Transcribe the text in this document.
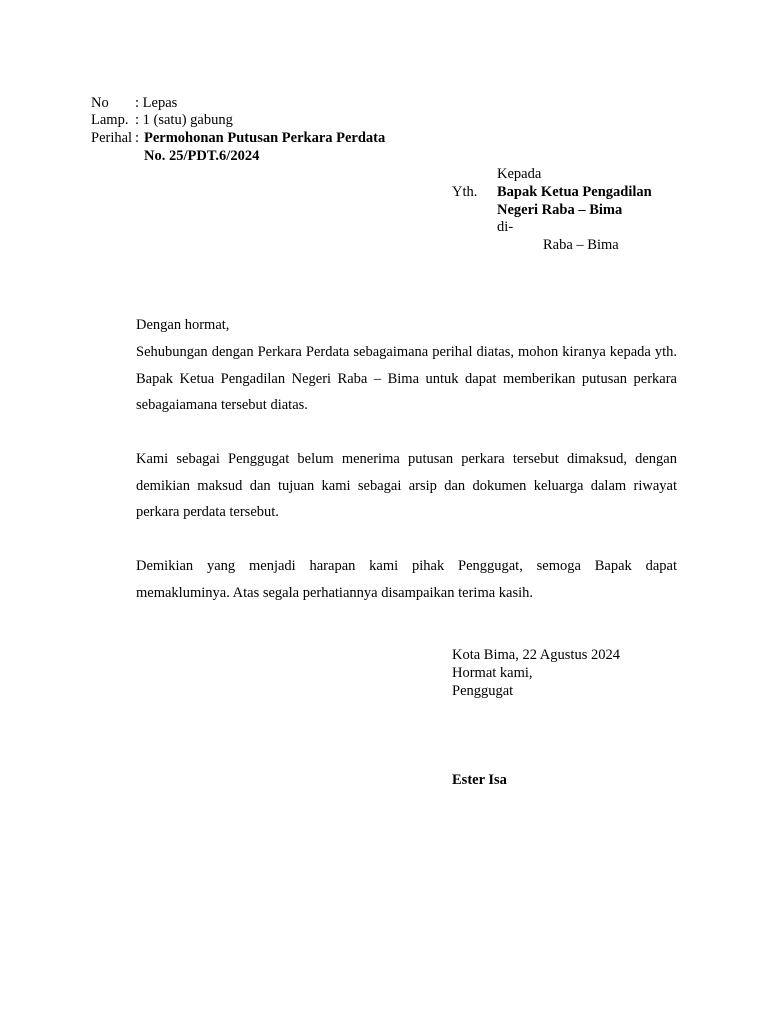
No : Lepas
Lamp. : 1 (satu) gabung
Perihal : Permohonan Putusan Perkara Perdata
No. 25/PDT.6/2024
Kepada
Yth. Bapak Ketua Pengadilan
Negeri Raba – Bima
di-
Raba – Bima
Dengan hormat,
Sehubungan dengan Perkara Perdata sebagaimana perihal diatas, mohon kiranya kepada yth. Bapak Ketua Pengadilan Negeri Raba – Bima untuk dapat memberikan putusan perkara sebagaiamana tersebut diatas.
Kami sebagai Penggugat belum menerima putusan perkara tersebut dimaksud, dengan demikian maksud dan tujuan kami sebagai arsip dan dokumen keluarga dalam riwayat perkara perdata tersebut.
Demikian yang menjadi harapan kami pihak Penggugat, semoga Bapak dapat memakluminya. Atas segala perhatiannya disampaikan terima kasih.
Kota Bima, 22 Agustus 2024
Hormat kami,
Penggugat
Ester Isa
